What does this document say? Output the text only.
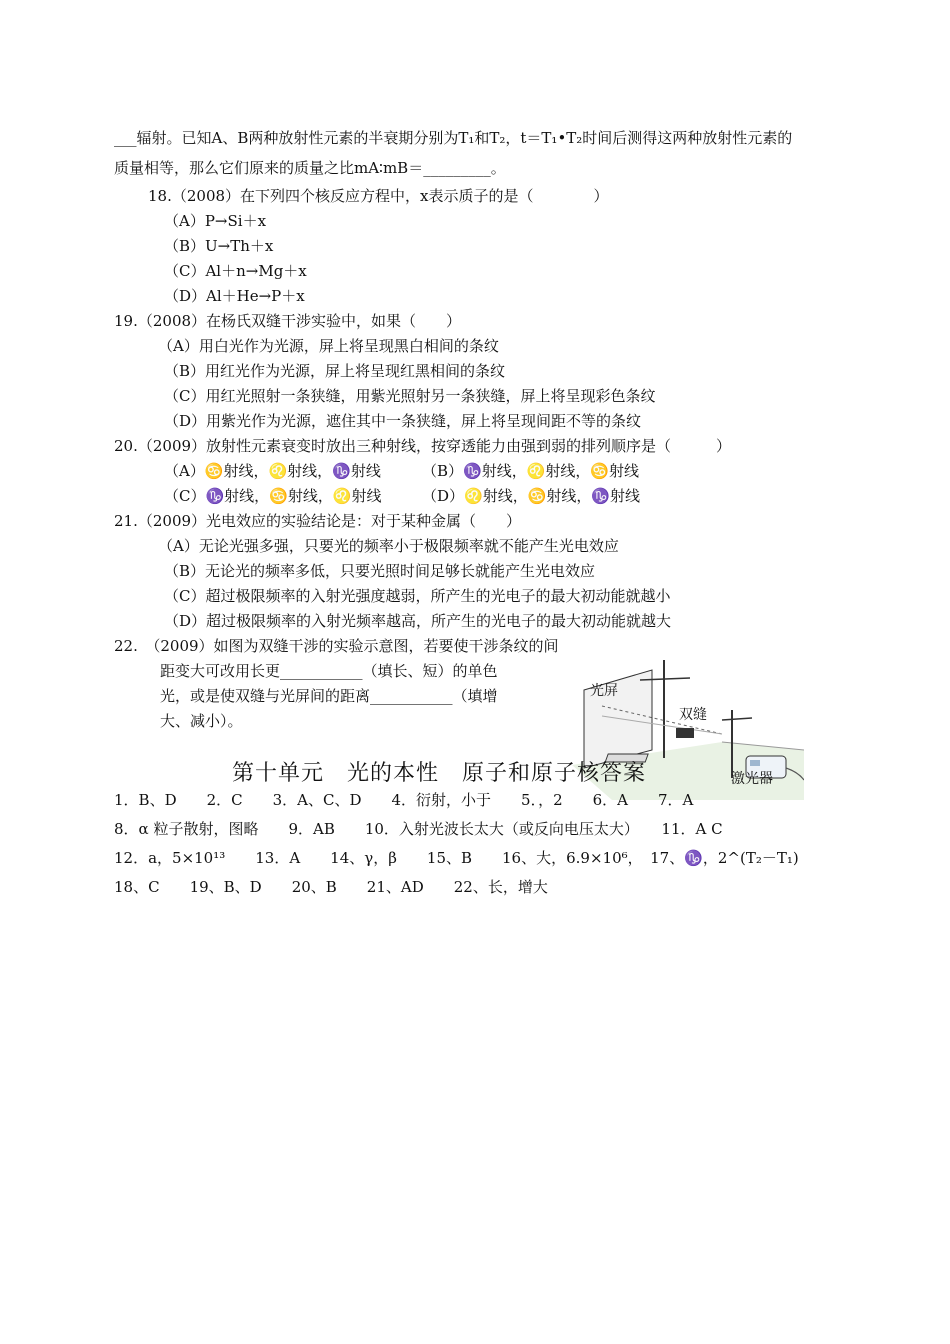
___辐射。已知A、B两种放射性元素的半衰期分别为T₁和T₂，t＝T₁•T₂时间后测得这两种放射性元素的
质量相等，那么它们原来的质量之比mA∶mB＝_________。
18.（2008）在下列四个核反应方程中，x表示质子的是（　　　　）
（A）P→Si＋x
（B）U→Th＋x
（C）Al＋n→Mg＋x
（D）Al＋He→P＋x
19.（2008）在杨氏双缝干涉实验中，如果（　　）
（A）用白光作为光源，屏上将呈现黑白相间的条纹
（B）用红光作为光源，屏上将呈现红黑相间的条纹
（C）用红光照射一条狭缝，用紫光照射另一条狭缝，屏上将呈现彩色条纹
（D）用紫光作为光源，遮住其中一条狭缝，屏上将呈现间距不等的条纹
20.（2009）放射性元素衰变时放出三种射线，按穿透能力由强到弱的排列顺序是（　　　）
（A）♋射线，♌射线，♑射线	（B）♑射线，♌射线，♋射线
（C）♑射线，♋射线，♌射线	（D）♌射线，♋射线，♑射线
21.（2009）光电效应的实验结论是：对于某种金属（　　）
（A）无论光强多强，只要光的频率小于极限频率就不能产生光电效应
（B）无论光的频率多低，只要光照时间足够长就能产生光电效应
（C）超过极限频率的入射光强度越弱，所产生的光电子的最大初动能就越小
（D）超过极限频率的入射光频率越高，所产生的光电子的最大初动能就越大
22.　（2009）如图为双缝干涉的实验示意图，若要使干涉条纹的间
距变大可改用长更___________（填长、短）的单色
光，或是使双缝与光屏间的距离___________（填增
大、减小）。
光屏
双缝
激光器
第十单元　光的本性　原子和原子核答案
1．B、D　　2．C　　3．A、C、D　　4．衍射，小于　　5．，2　　6．A　　7．A
8．α 粒子散射，图略　　9．AB　　10．入射光波长太大（或反向电压太大）　　11．A C
12．a，5×10¹³　　13．A　　14、γ，β　　15、B　　16、大，6.9×10⁶，　17、♑，2^(T₂－T₁)
18、C　　19、B、D　　20、B　　21、AD　　22、长，增大
